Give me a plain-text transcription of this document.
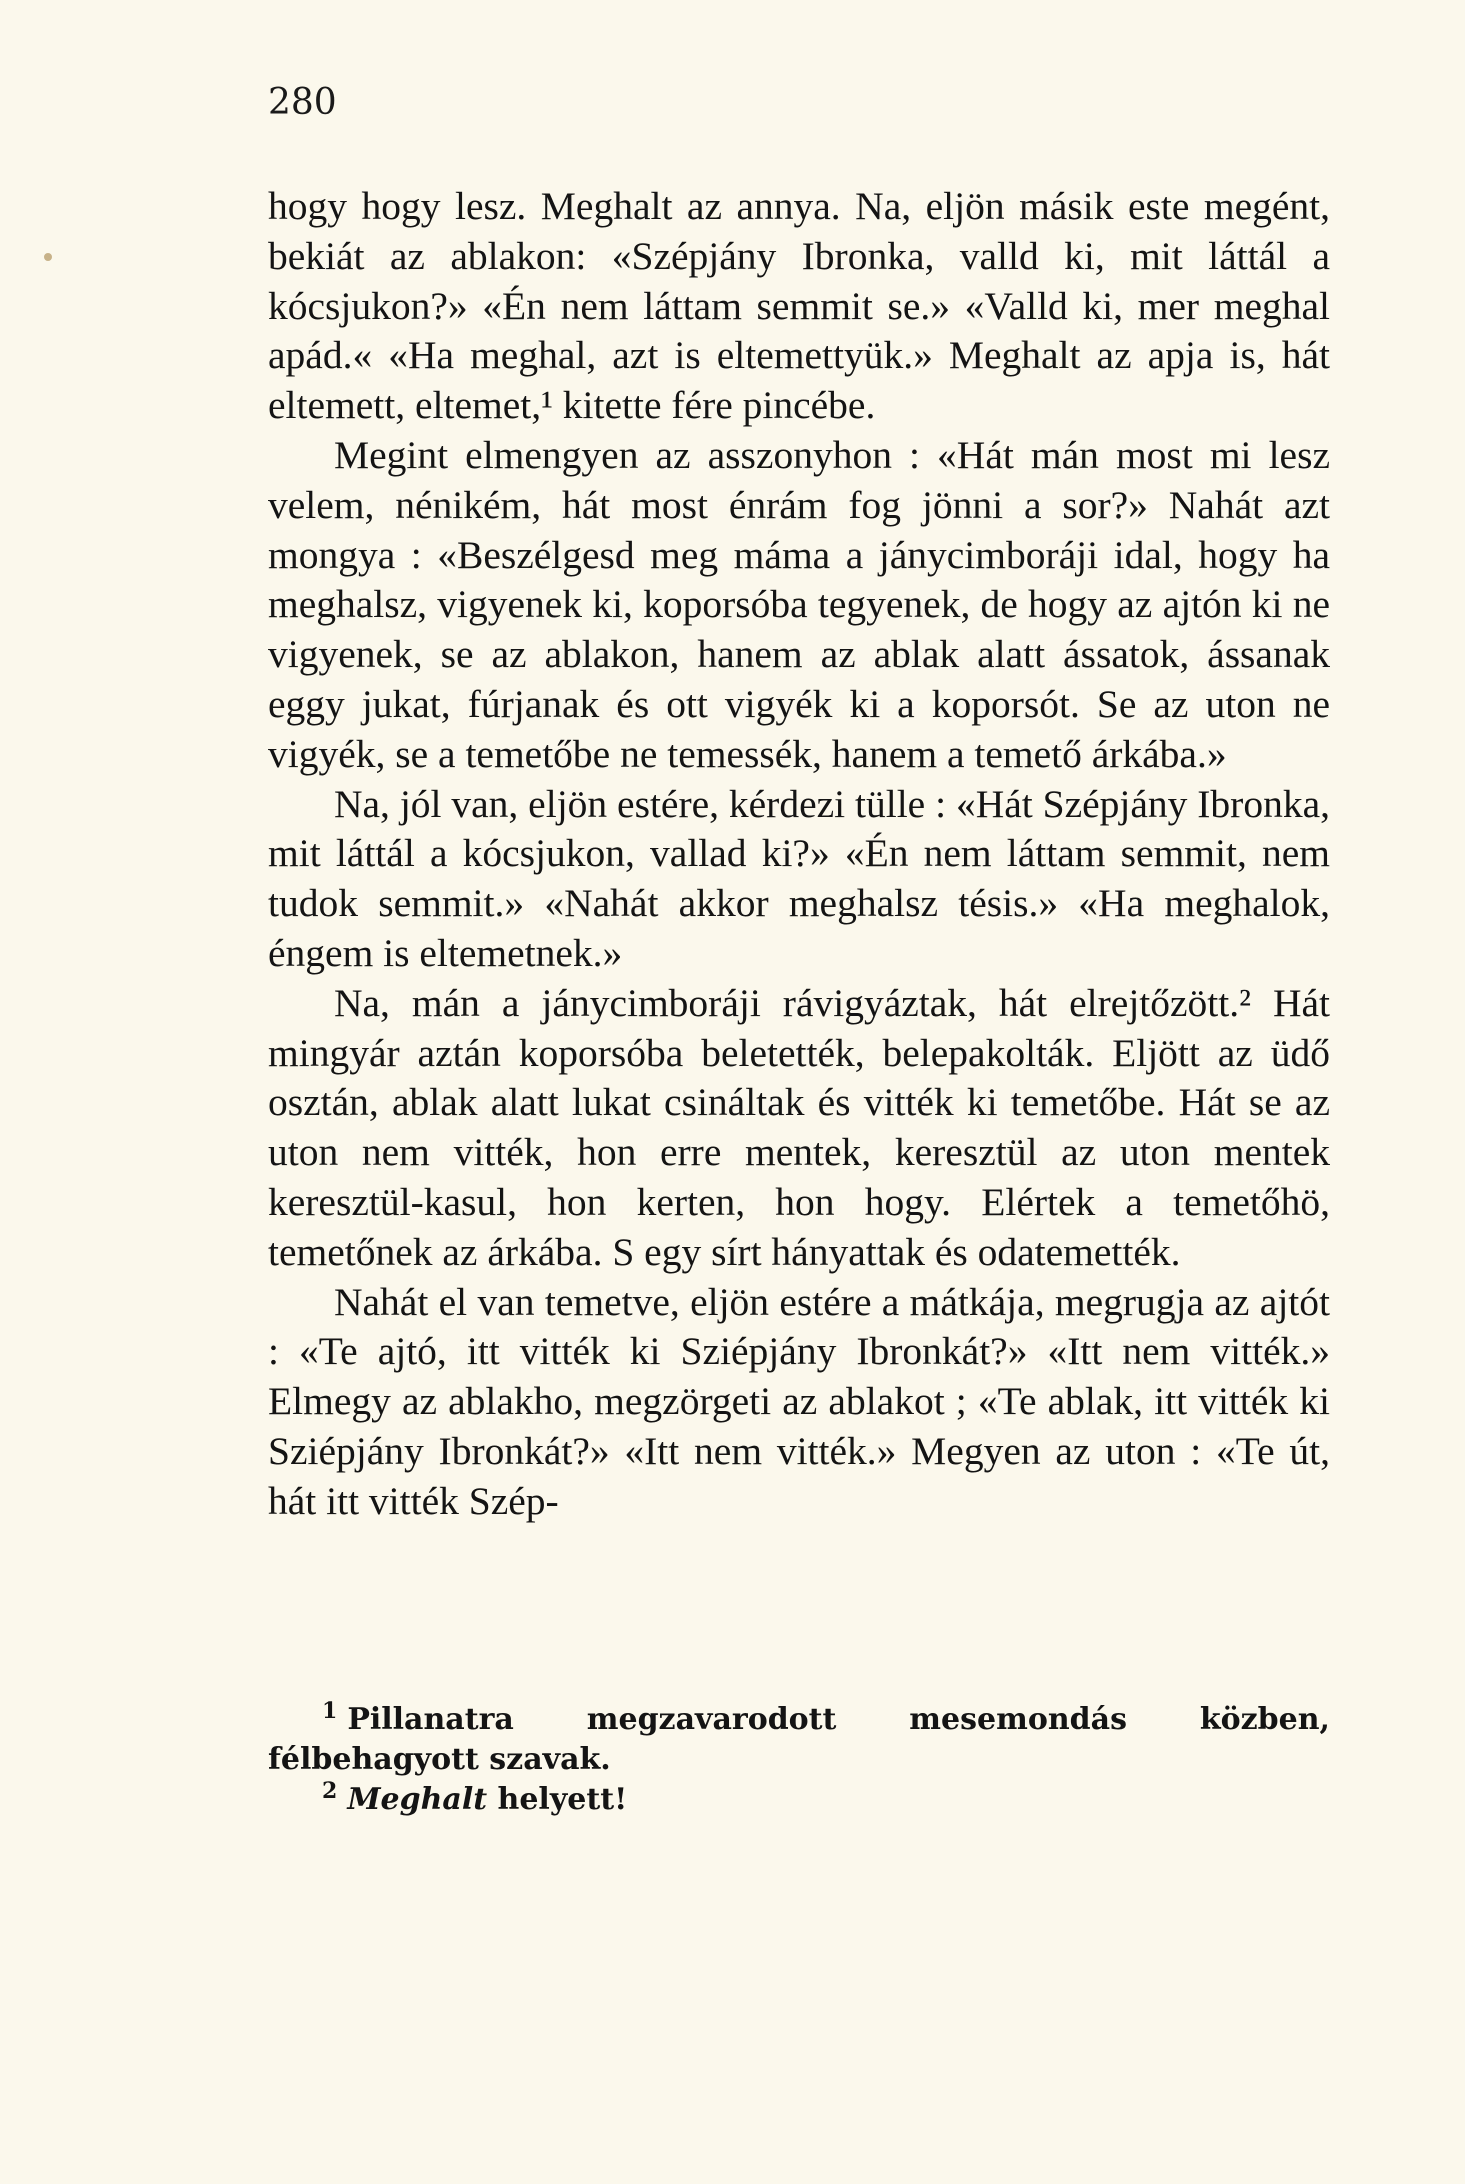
280

hogy hogy lesz. Meghalt az annya. Na, eljön másik este megént, bekiát az ablakon: «Szépjány Ibronka, valld ki, mit láttál a kócsjukon?» «Én nem láttam semmit se.» «Valld ki, mer meghal apád.« «Ha meghal, azt is eltemettyük.» Meghalt az apja is, hát eltemett, eltemet,¹ kitette fére pincébe.

Megint elmengyen az asszonyhon : «Hát mán most mi lesz velem, nénikém, hát most énrám fog jönni a sor?» Nahát azt mongya : «Beszélgesd meg máma a jánycimboráji idal, hogy ha meghalsz, vigyenek ki, koporsóba tegyenek, de hogy az ajtón ki ne vigyenek, se az ablakon, hanem az ablak alatt ássatok, ássanak eggy jukat, fúrjanak és ott vigyék ki a koporsót. Se az uton ne vigyék, se a temetőbe ne temessék, hanem a temető árkába.»

Na, jól van, eljön estére, kérdezi tülle : «Hát Szépjány Ibronka, mit láttál a kócsjukon, vallad ki?» «Én nem láttam semmit, nem tudok semmit.» «Nahát akkor meghalsz tésis.» «Ha meghalok, éngem is eltemetnek.»

Na, mán a jánycimboráji rávigyáztak, hát elrejtőzött.² Hát mingyár aztán koporsóba beletették, belepakolták. Eljött az üdő osztán, ablak alatt lukat csináltak és vitték ki temetőbe. Hát se az uton nem vitték, hon erre mentek, keresztül az uton mentek keresztül-kasul, hon kerten, hon hogy. Elértek a temetőhö, temetőnek az árkába. S egy sírt hányattak és odatemették.

Nahát el van temetve, eljön estére a mátkája, megrugja az ajtót : «Te ajtó, itt vitték ki Sziépjány Ibronkát?» «Itt nem vitték.» Elmegy az ablakho, megzörgeti az ablakot ; «Te ablak, itt vitték ki Sziépjány Ibronkát?» «Itt nem vitték.» Megyen az uton : «Te út, hát itt vitték Szép-

$^1$ Pillanatra megzavarodott mesemondás közben, félbehagyott szavak.

$^2$ Meghalt helyett!
